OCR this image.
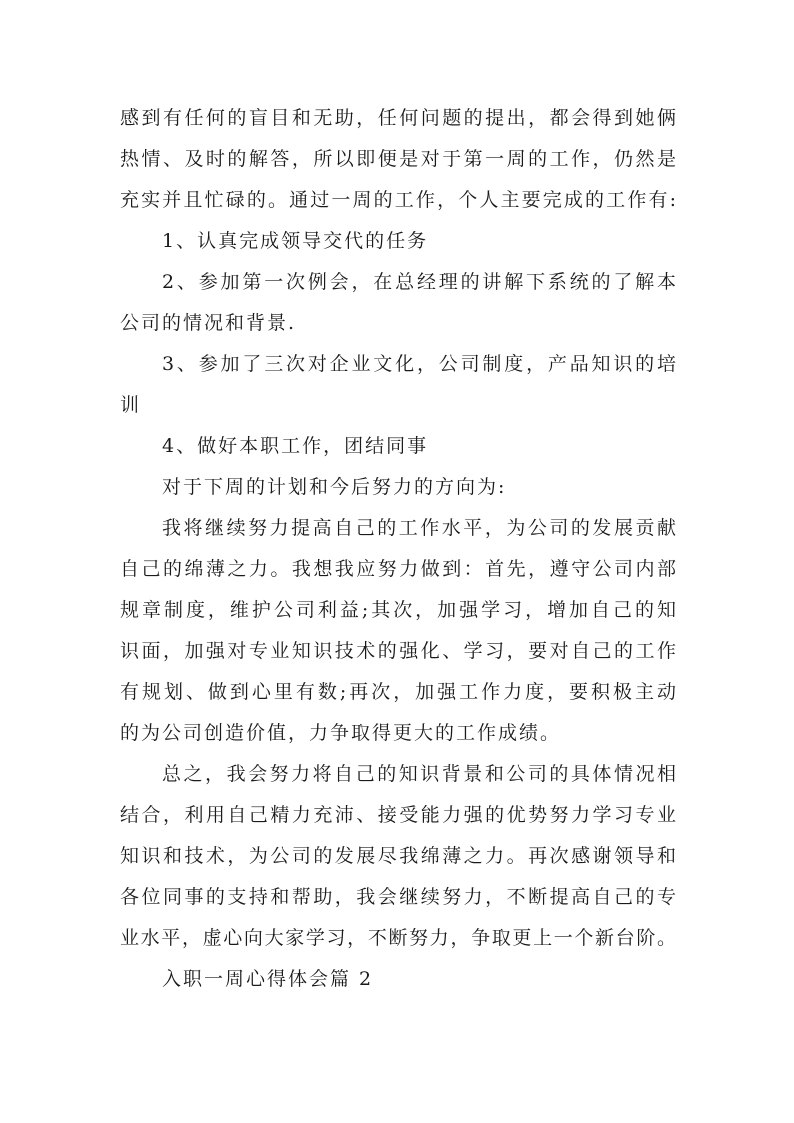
感到有任何的盲目和无助，任何问题的提出，都会得到她俩
热情、及时的解答，所以即便是对于第一周的工作，仍然是
充实并且忙碌的。通过一周的工作，个人主要完成的工作有:
1、认真完成领导交代的任务
2、参加第一次例会，在总经理的讲解下系统的了解本
公司的情况和背景.
3、参加了三次对企业文化，公司制度，产品知识的培
训
4、做好本职工作，团结同事
对于下周的计划和今后努力的方向为:
我将继续努力提高自己的工作水平，为公司的发展贡献
自己的绵薄之力。我想我应努力做到：首先，遵守公司内部
规章制度，维护公司利益;其次，加强学习，增加自己的知
识面，加强对专业知识技术的强化、学习，要对自己的工作
有规划、做到心里有数;再次，加强工作力度，要积极主动
的为公司创造价值，力争取得更大的工作成绩。
总之，我会努力将自己的知识背景和公司的具体情况相
结合，利用自己精力充沛、接受能力强的优势努力学习专业
知识和技术，为公司的发展尽我绵薄之力。再次感谢领导和
各位同事的支持和帮助，我会继续努力，不断提高自己的专
业水平，虚心向大家学习，不断努力，争取更上一个新台阶。
入职一周心得体会篇 2
